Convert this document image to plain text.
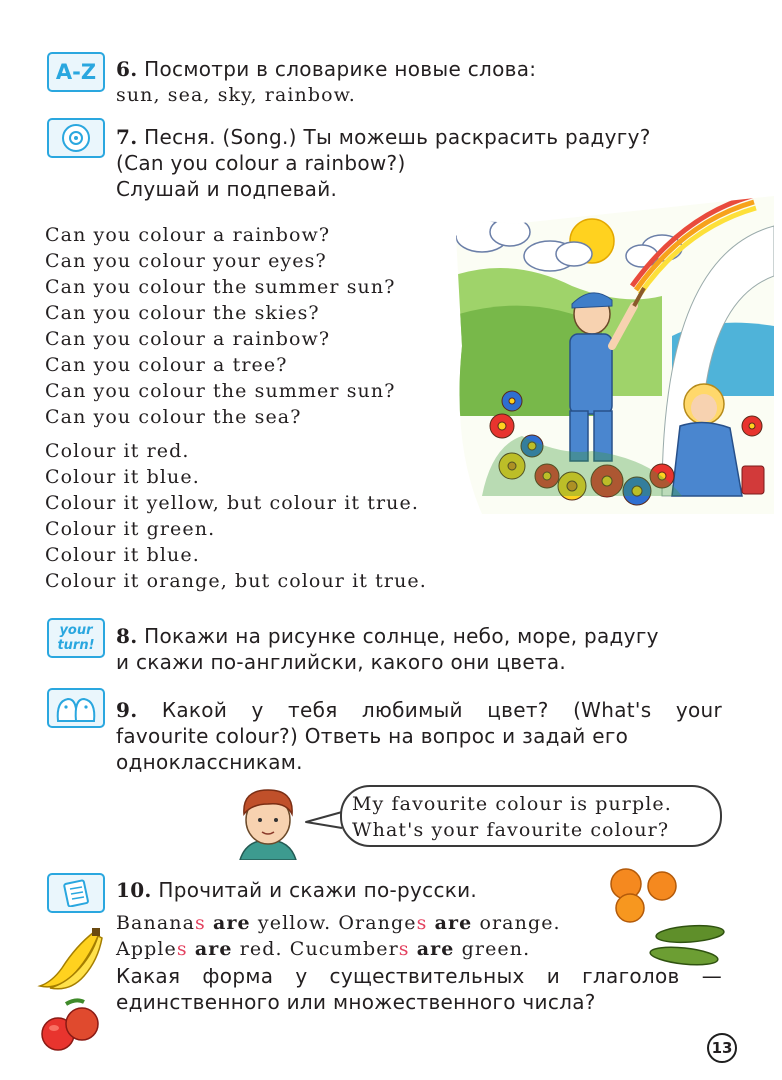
A-Z 6. Посмотри в словарике новые слова:
sun, sea, sky, rainbow.
7. Песня. (Song.) Ты можешь раскрасить радугу?
(Can you colour a rainbow?)
Слушай и подпевай.
Can you colour a rainbow?
Can you colour your eyes?
Can you colour the summer sun?
Can you colour the skies?
Can you colour a rainbow?
Can you colour a tree?
Can you colour the summer sun?
Can you colour the sea?
Colour it red.
Colour it blue.
Colour it yellow, but colour it true.
Colour it green.
Colour it blue.
Colour it orange, but colour it true.
your
turn! 8. Покажи на рисунке солнце, небо, море, радугу
и скажи по-английски, какого они цвета.
9. Какой у тебя любимый цвет? (What's your
favourite colour?) Ответь на вопрос и задай его
одноклассникам.
My favourite colour is purple.
What's your favourite colour?
10. Прочитай и скажи по-русски.
Bananas are yellow. Oranges are orange.
Apples are red. Cucumbers are green.
Какая форма у существительных и глаголов —
единственного или множественного числа?
13
